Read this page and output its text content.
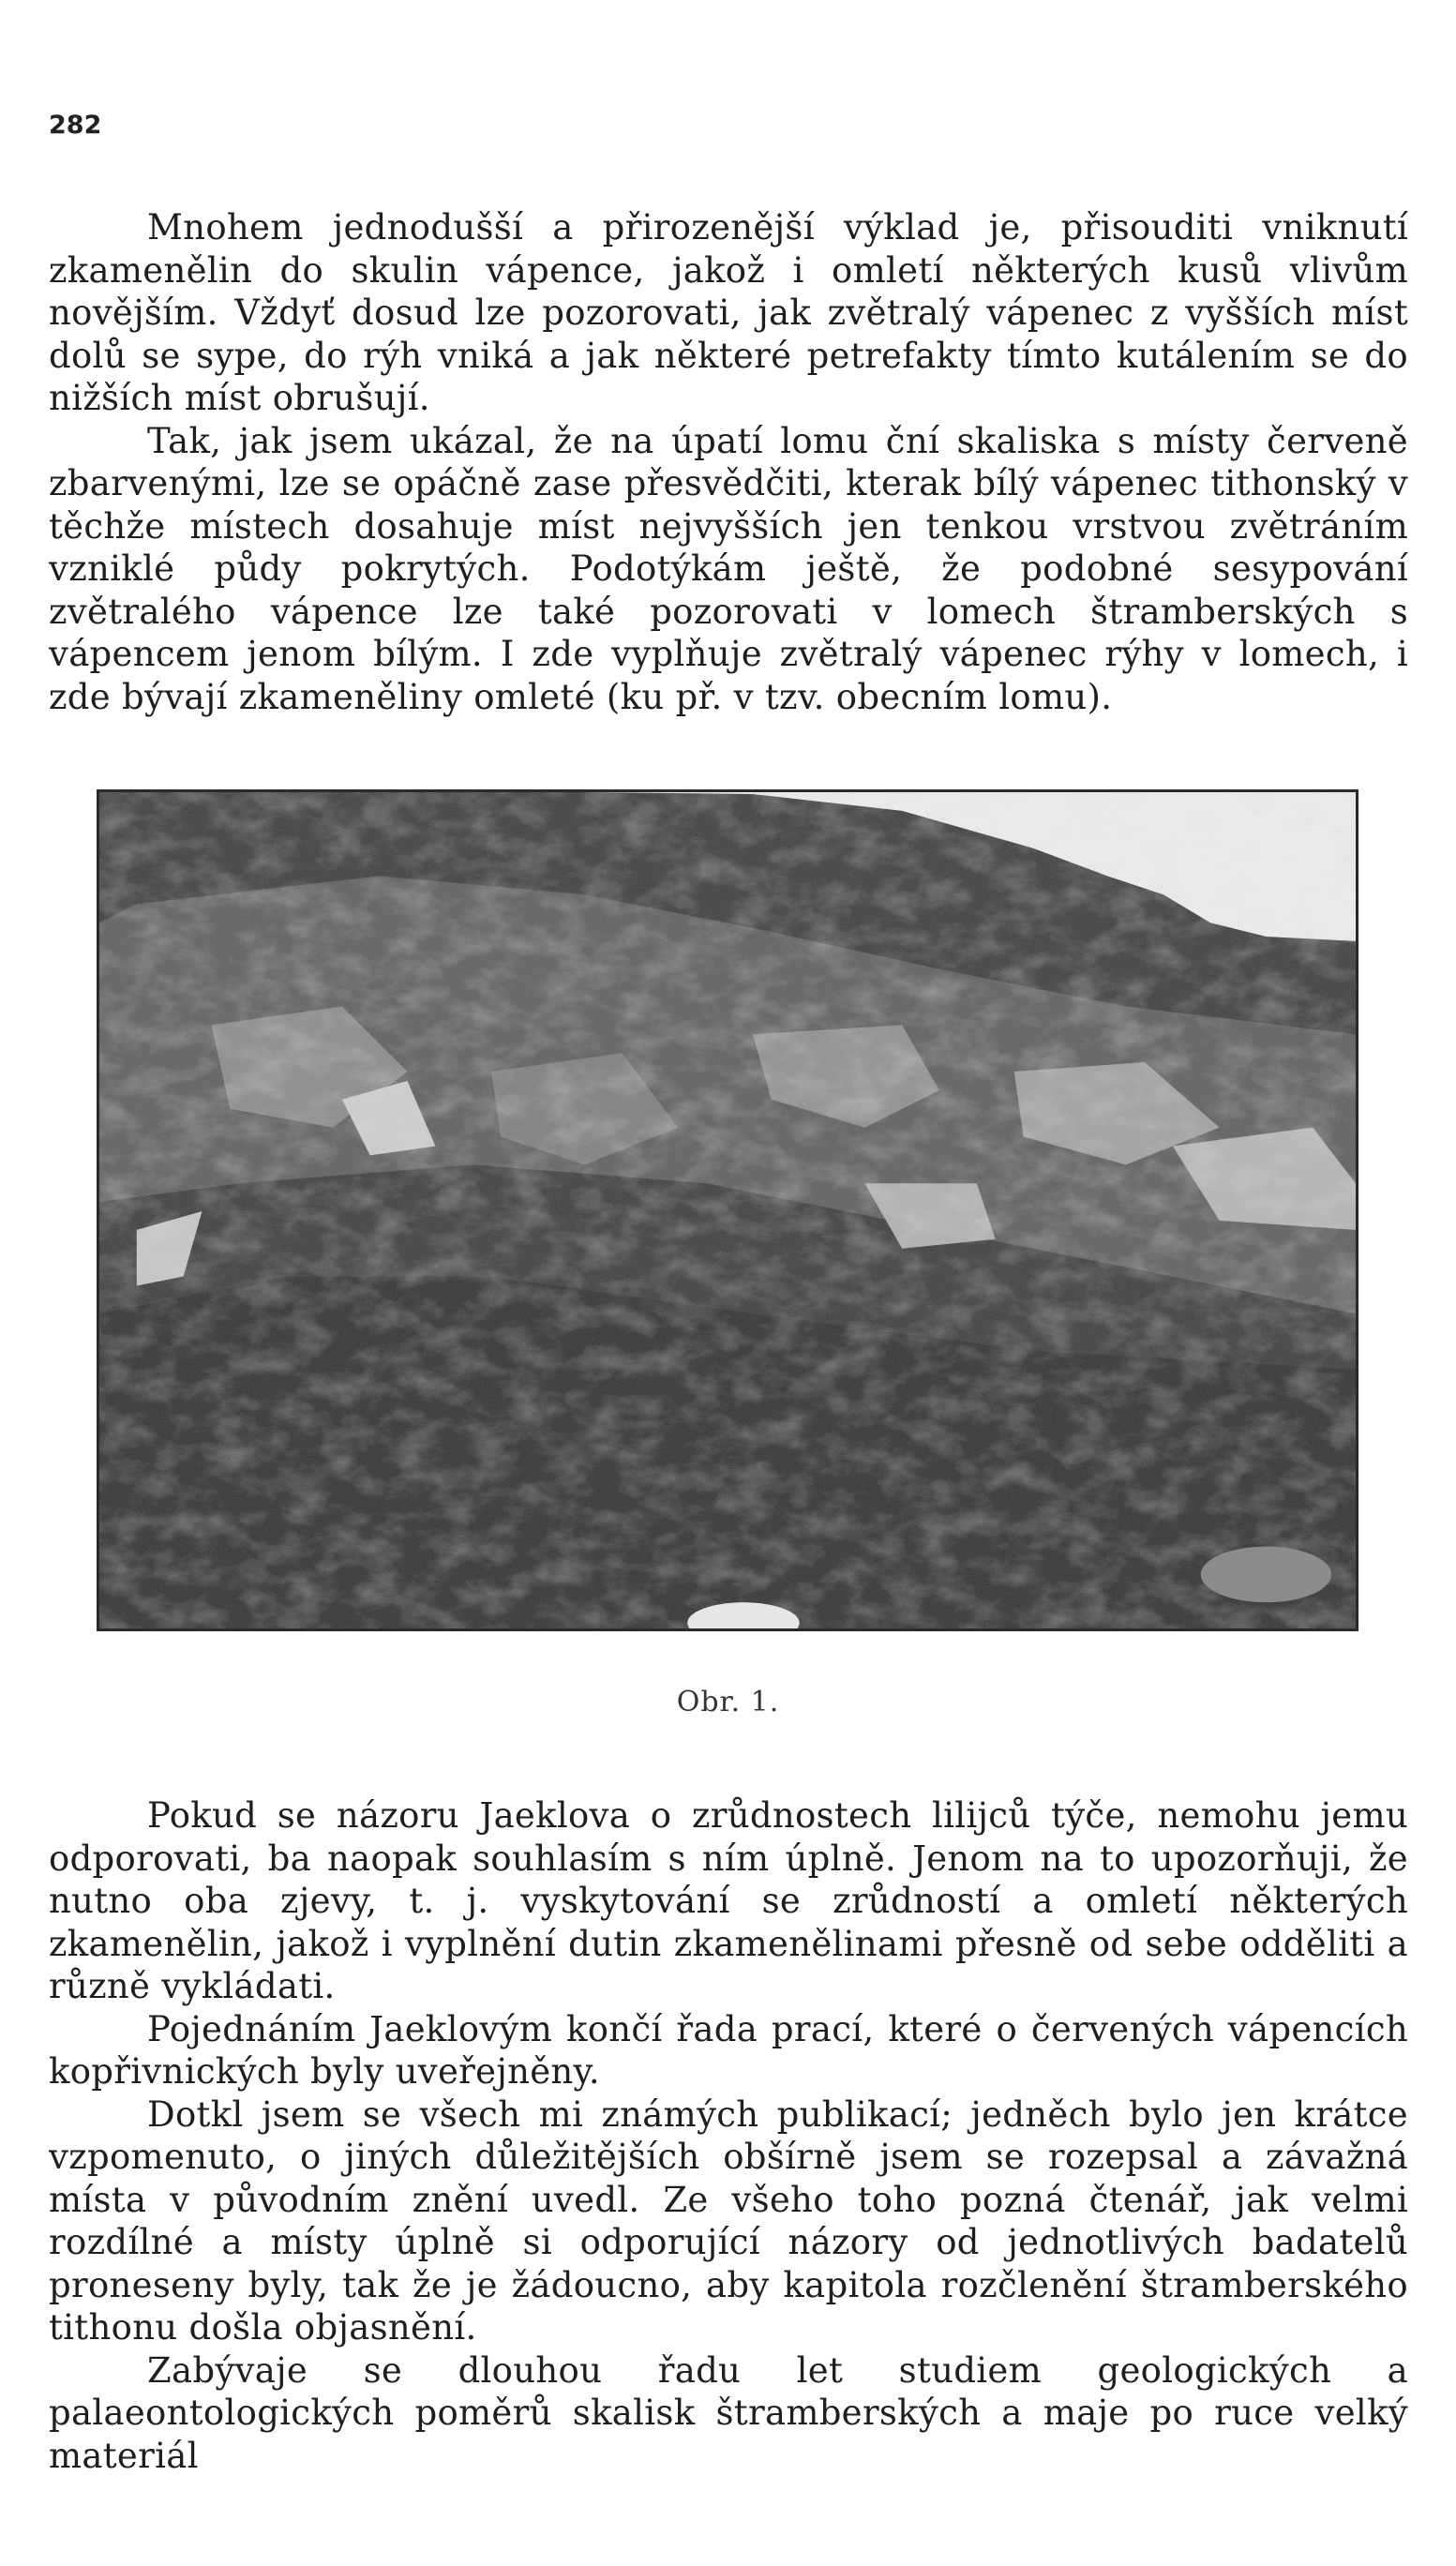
282

Mnohem jednodušší a přirozenější výklad je, přisouditi vniknutí zkamenělin do skulin vápence, jakož i omletí některých kusů vlivům novějším. Vždyť dosud lze pozorovati, jak zvětralý vápenec z vyšších míst dolů se sype, do rýh vniká a jak některé petrefakty tímto kutálením se do nižších míst obrušují.

Tak, jak jsem ukázal, že na úpatí lomu ční skaliska s místy červeně zbarvenými, lze se opáčně zase přesvědčiti, kterak bílý vápenec tithonský v těchže místech dosahuje míst nejvyšších jen tenkou vrstvou zvětráním vzniklé půdy pokrytých. Podotýkám ještě, že podobné sesypování zvětralého vápence lze také pozorovati v lomech štramberských s vápencem jenom bílým. I zde vyplňuje zvětralý vápenec rýhy v lomech, i zde bývají zkameněliny omleté (ku př. v tzv. obecním lomu).

Obr. 1.

Pokud se názoru Jaeklova o zrůdnostech lilijců týče, nemohu jemu odporovati, ba naopak souhlasím s ním úplně. Jenom na to upozorňuji, že nutno oba zjevy, t. j. vyskytování se zrůdností a omletí některých zkamenělin, jakož i vyplnění dutin zkamenělinami přesně od sebe odděliti a různě vykládati.

Pojednáním Jaeklovým končí řada prací, které o červených vápencích kopřivnických byly uveřejněny.

Dotkl jsem se všech mi známých publikací; jedněch bylo jen krátce vzpomenuto, o jiných důležitějších obšírně jsem se rozepsal a závažná místa v původním znění uvedl. Ze všeho toho pozná čtenář, jak velmi rozdílné a místy úplně si odporující názory od jednotlivých badatelů proneseny byly, tak že je žádoucno, aby kapitola rozčlenění štramberského tithonu došla objasnění.

Zabývaje se dlouhou řadu let studiem geologických a palaeontologických poměrů skalisk štramberských a maje po ruce velký materiál
